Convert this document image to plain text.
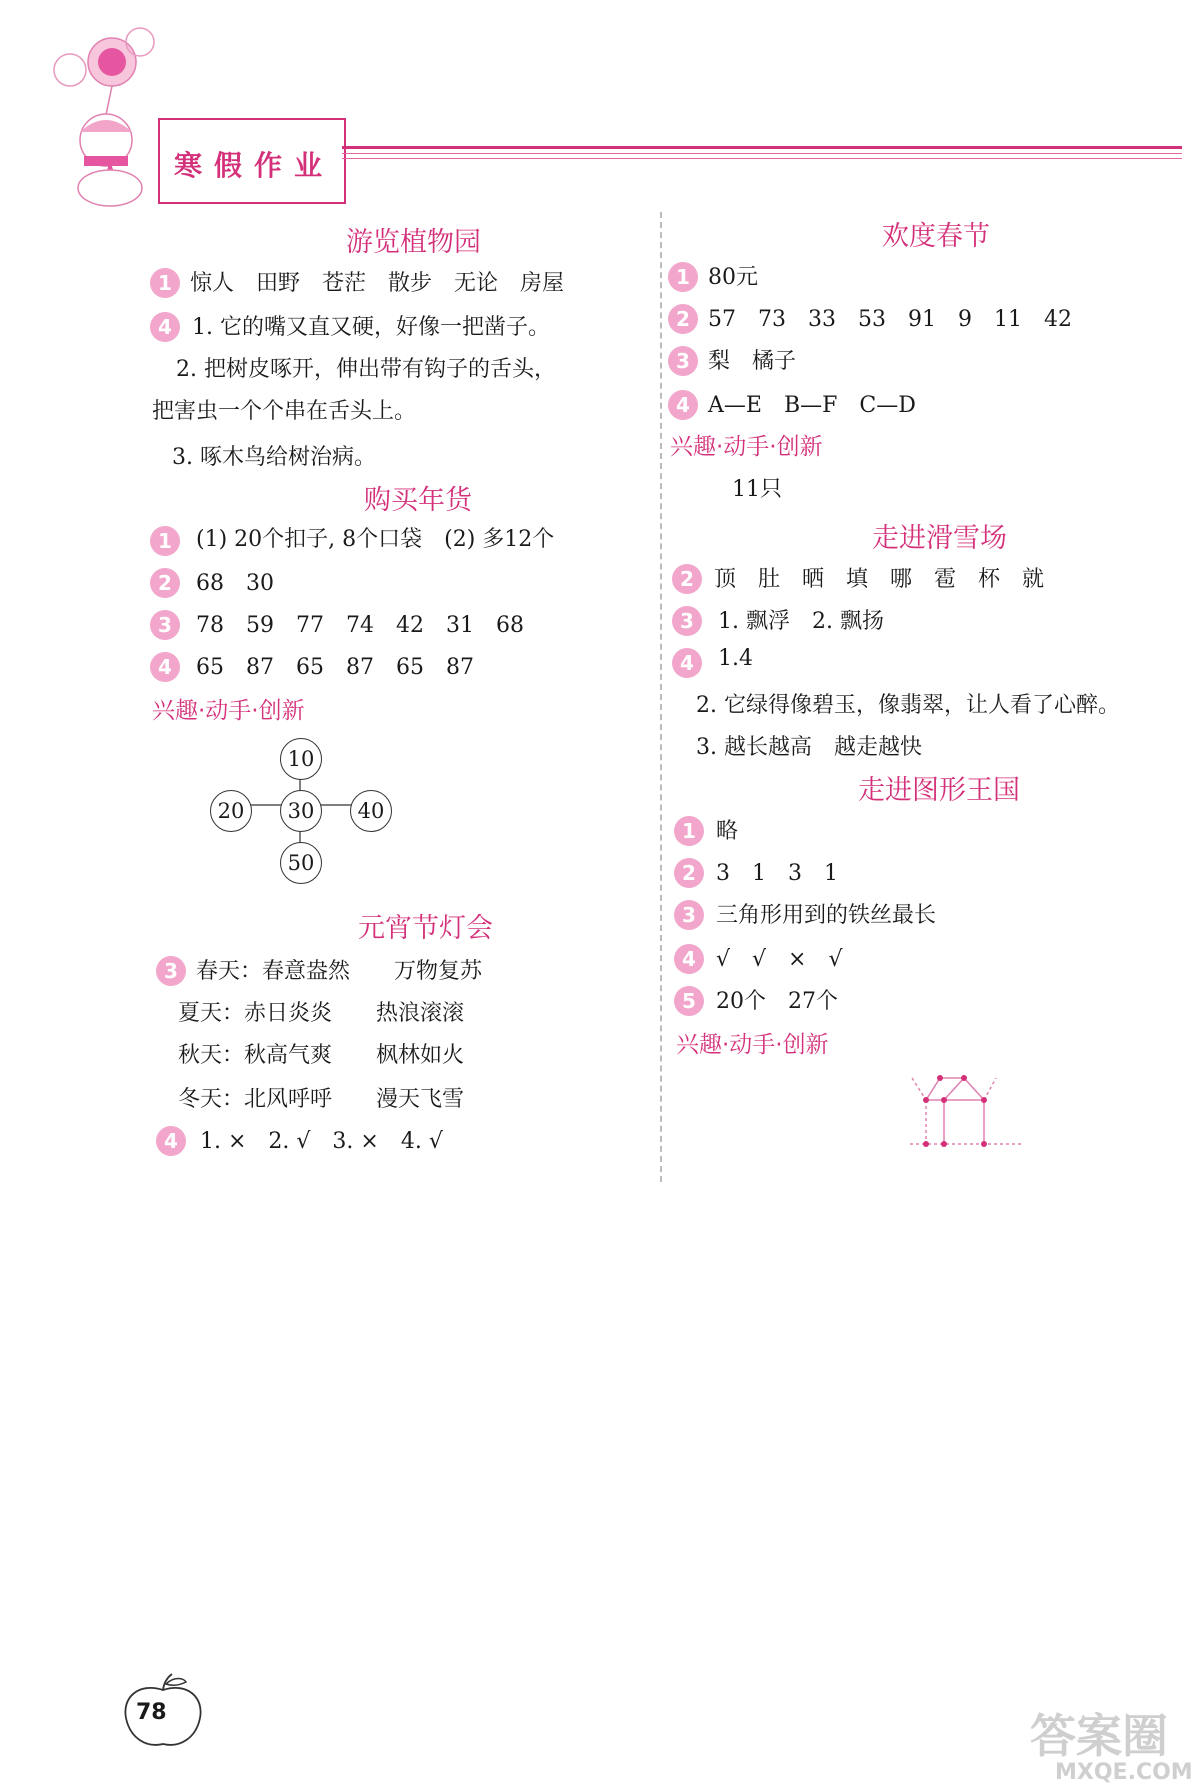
寒假作业
游览植物园
1 惊人　田野　苍茫　散步　无论　房屋
4 1. 它的嘴又直又硬，好像一把凿子。
2. 把树皮啄开，伸出带有钩子的舌头，
把害虫一个个串在舌头上。
3. 啄木鸟给树治病。
购买年货
1	(1) 20个扣子, 8个口袋　(2) 多12个
2	68　30
3	78　59　77　74　42　31　68
4	65　87　65　87　65　87
兴趣·动手·创新
10
20	30	40
50
元宵节灯会
3 春天：春意盎然　　万物复苏
夏天：赤日炎炎　　热浪滚滚
秋天：秋高气爽　　枫林如火
冬天：北风呼呼　　漫天飞雪
4	1. ×　2. √　3. ×　4. √
欢度春节
1 80元
2 57　73　33　53　91　9　11　42
3 梨　橘子
4 A—E　B—F　C—D
兴趣·动手·创新
11只
走进滑雪场
2 顶　肚　晒　填　哪　雹　杯　就
3	1. 飘浮　2. 飘扬
4	1.4
2. 它绿得像碧玉，像翡翠，让人看了心醉。
3. 越长越高　越走越快
走进图形王国
1 略
2 3　1　3　1
3 三角形用到的铁丝最长
4 √　√　×　√
5 20个　27个
兴趣·动手·创新
78	答案圈
MXQE.COM
